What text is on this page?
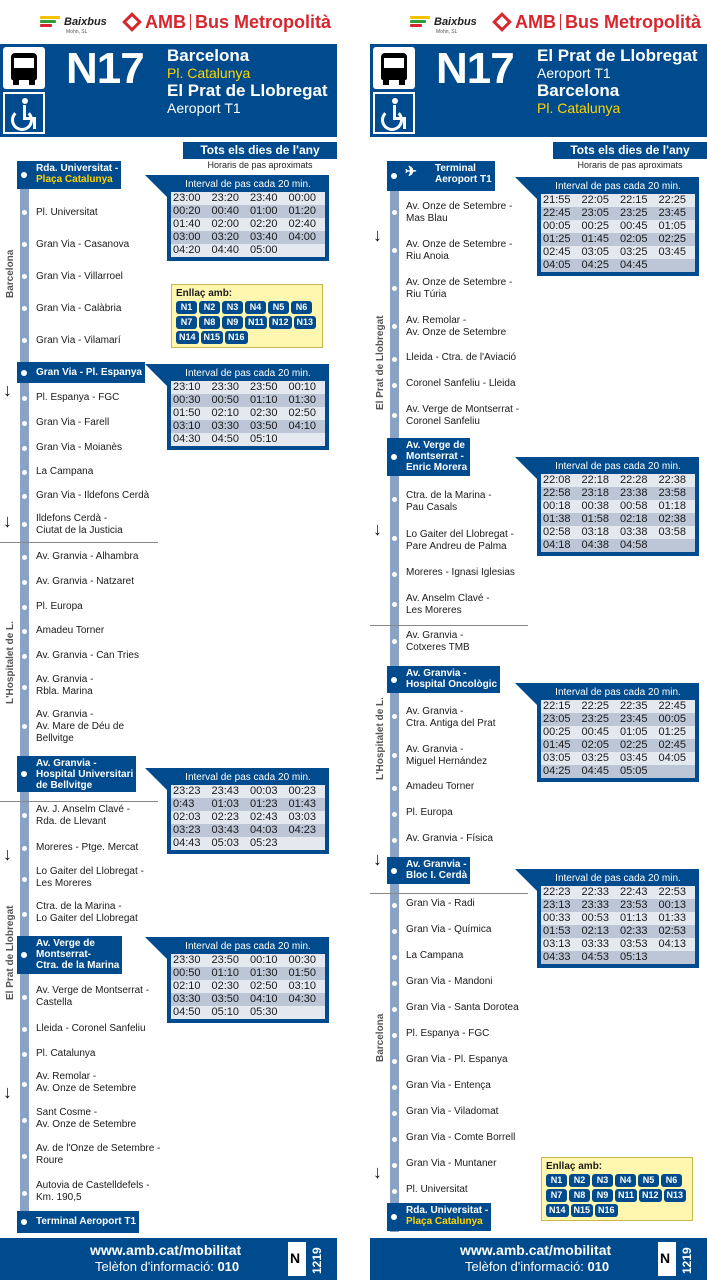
Baixbus
Mohn, SL	AMB Bus Metropolità
N17 Barcelona
Pl. Catalunya
El Prat de Llobregat
Aeroport T1
Tots els dies de l'any
Horaris de pas aproximats
Barcelona
L'Hospitalet de L.
El Prat de Llobregat
Rda. Universitat -
Plaça Catalunya
Gran Via - Pl. Espanya
Av. Granvia -
Hospital Universitari
de Bellvitge
Av. Verge de
Montserrat-
Ctra. de la Marina
Terminal Aeroport T1
Pl. Universitat
Gran Via - Casanova
Gran Via - Villarroel
Gran Via - Calàbria
Gran Via - Vilamarí
Pl. Espanya - FGC
Gran Via - Farell
Gran Via - Moianès
La Campana
Gran Via - Ildefons Cerdà
Ildefons Cerdà -
Ciutat de la Justicia
Av. Granvia - Alhambra
Av. Granvia - Natzaret
Pl. Europa
Amadeu Torner
Av. Granvia - Can Tries
Av. Granvia -
Rbla. Marina
Av. Granvia -
Av. Mare de Déu de
Bellvitge
Av. J. Anselm Clavé -
Rda. de Llevant
Moreres - Ptge. Mercat
Lo Gaiter del Llobregat -
Les Moreres
Ctra. de la Marina -
Lo Gaiter del Llobregat
Av. Verge de Montserrat -
Castella
Lleida - Coronel Sanfeliu
Pl. Catalunya
Av. Remolar -
Av. Onze de Setembre
Sant Cosme -
Av. Onze de Setembre
Av. de l'Onze de Setembre -
Roure
Autovia de Castelldefels -
Km. 190,5
↓
↓
↓
↓
Interval de pas cada 20 min.
23:00	23:20	23:40	00:00
00:20	00:40	01:00	01:20
01:40	02:00	02:20	02:40
03:00	03:20	03:40	04:00
04:20	04:40	05:00	
Enllaç amb:
N1	N2	N3	N4	N5	N6
N7	N8	N9	N11 N12 N13
N14 N15 N16
Interval de pas cada 20 min.
23:10	23:30	23:50	00:10
00:30	00:50	01:10	01:30
01:50	02:10	02:30	02:50
03:10	03:30	03:50	04:10
04:30	04:50	05:10	
Interval de pas cada 20 min.
23:23	23:43	00:03	00:23
0:43	01:03	01:23	01:43
02:03	02:23	02:43	03:03
03:23	03:43	04:03	04:23
04:43	05:03	05:23	
Interval de pas cada 20 min.
23:30	23:50	00:10	00:30
00:50	01:10	01:30	01:50
02:10	02:30	02:50	03:10
03:30	03:50	04:10	04:30
04:50	05:10	05:30	
www.amb.cat/mobilitat
Telèfon d'informació: 010
N 1219
Baixbus
Mohn, SL	AMB Bus Metropolità
N17 El Prat de Llobregat
Aeroport T1
Barcelona
Pl. Catalunya
Tots els dies de l'any
Horaris de pas aproximats
El Prat de Llobregat
L'Hospitalet de L.
Barcelona
✈ Terminal
Aeroport T1
Av. Verge de
Montserrat -
Enric Morera
Av. Granvia -
Hospital Oncològic
Av. Granvia -
Bloc I. Cerdà
Rda. Universitat -
Plaça Catalunya
Av. Onze de Setembre -
Mas Blau
Av. Onze de Setembre -
Riu Anoia
Av. Onze de Setembre -
Riu Túria
Av. Remolar -
Av. Onze de Setembre
Lleida - Ctra. de l'Aviació
Coronel Sanfeliu - Lleida
Av. Verge de Montserrat -
Coronel Sanfeliu
Ctra. de la Marina -
Pau Casals
Lo Gaiter del Llobregat -
Pare Andreu de Palma
Moreres - Ignasi Iglesias
Av. Anselm Clavé -
Les Moreres
Av. Granvia -
Cotxeres TMB
Av. Granvia -
Ctra. Antiga del Prat
Av. Granvia -
Miguel Hernández
Amadeu Torner
Pl. Europa
Av. Granvia - Física
Gran Via - Radi
Gran Via - Química
La Campana
Gran Via - Mandoni
Gran Via - Santa Dorotea
Pl. Espanya - FGC
Gran Via - Pl. Espanya
Gran Via - Entença
Gran Via - Viladomat
Gran Via - Comte Borrell
Gran Via - Muntaner
Pl. Universitat
↓
↓
↓
↓
Interval de pas cada 20 min.
21:55	22:05	22:15	22:25
22:45	23:05	23:25	23:45
00:05	00:25	00:45	01:05
01:25	01:45	02:05	02:25
02:45	03:05	03:25	03:45
04:05	04:25	04:45	
Interval de pas cada 20 min.
22:08	22:18	22:28	22:38
22:58	23:18	23:38	23:58
00:18	00:38	00:58	01:18
01:38	01:58	02:18	02:38
02:58	03:18	03:38	03:58
04:18	04:38	04:58	
Interval de pas cada 20 min.
22:15	22:25	22:35	22:45
23:05	23:25	23:45	00:05
00:25	00:45	01:05	01:25
01:45	02:05	02:25	02:45
03:05	03:25	03:45	04:05
04:25	04:45	05:05	
Interval de pas cada 20 min.
22:23	22:33	22:43	22:53
23:13	23:33	23:53	00:13
00:33	00:53	01:13	01:33
01:53	02:13	02:33	02:53
03:13	03:33	03:53	04:13
04:33	04:53	05:13	
Enllaç amb:
N1	N2	N3	N4	N5	N6
N7	N8	N9	N11 N12 N13
N14 N15 N16
www.amb.cat/mobilitat
Telèfon d'informació: 010
N 1219
